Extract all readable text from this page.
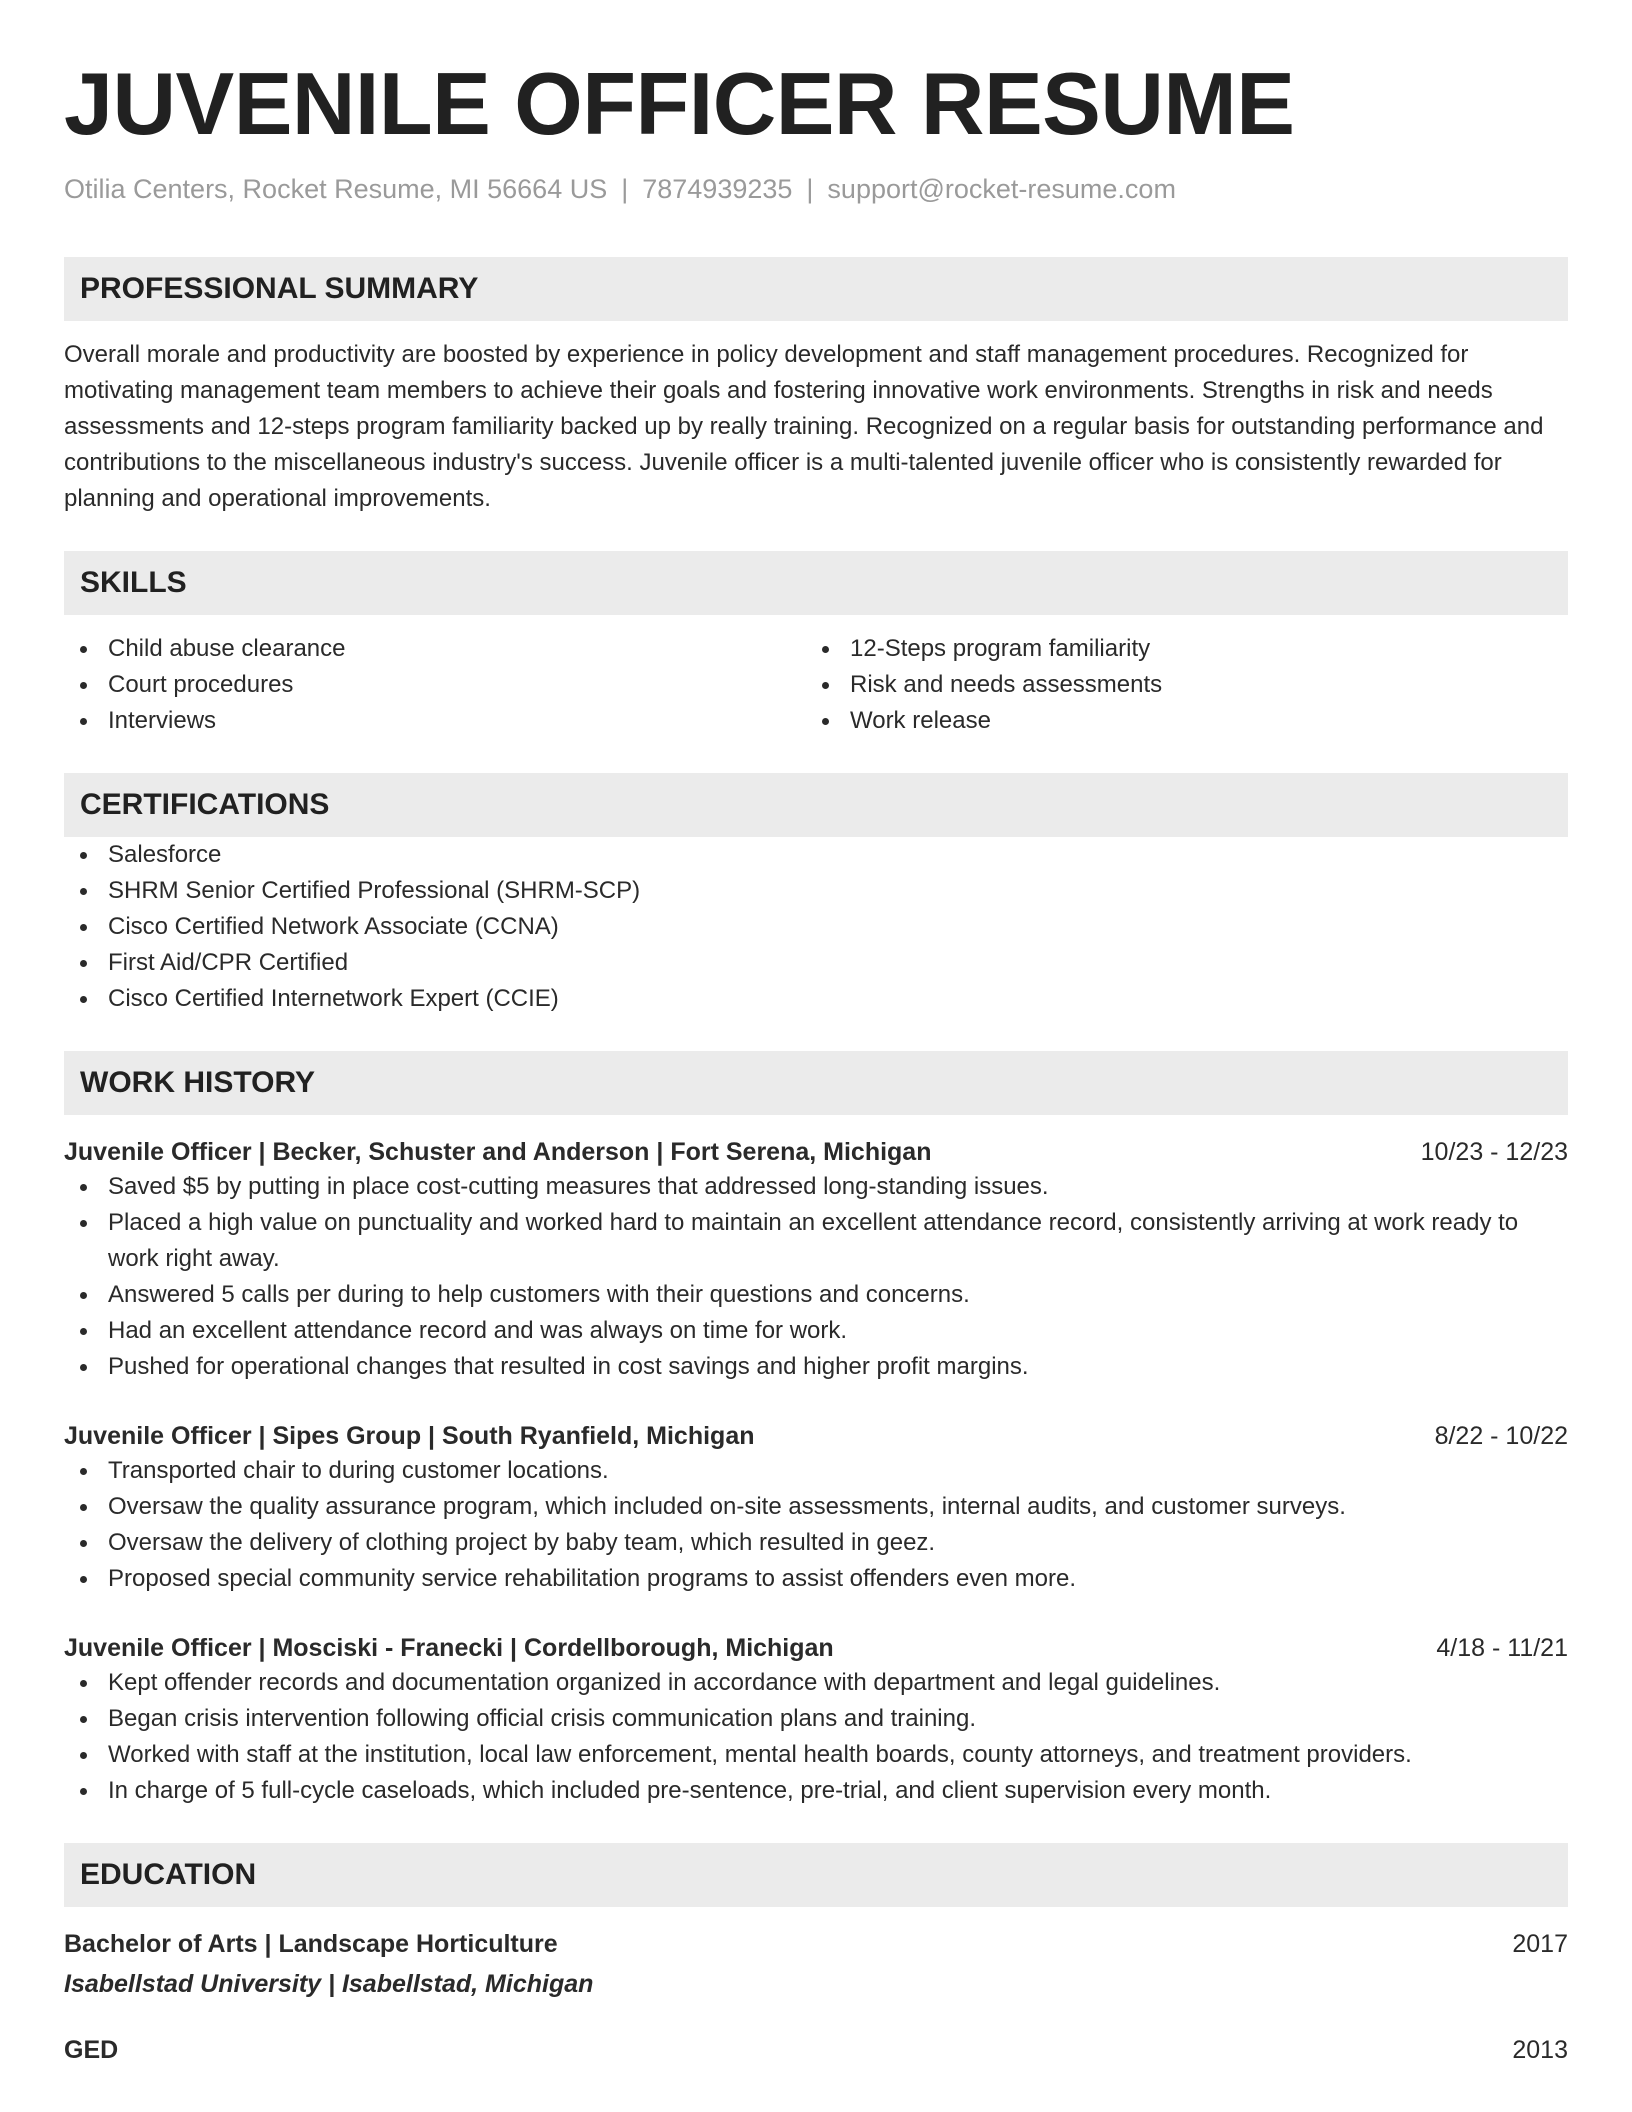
JUVENILE OFFICER RESUME
Otilia Centers, Rocket Resume, MI 56664 US | 7874939235 | support@rocket-resume.com
PROFESSIONAL SUMMARY

Overall morale and productivity are boosted by experience in policy development and staff management procedures. Recognized for motivating management team members to achieve their goals and fostering innovative work environments. Strengths in risk and needs assessments and 12-steps program familiarity backed up by really training. Recognized on a regular basis for outstanding performance and contributions to the miscellaneous industry's success. Juvenile officer is a multi-talented juvenile officer who is consistently rewarded for planning and operational improvements.

SKILLS
Child abuse clearance
Court procedures
Interviews
12-Steps program familiarity
Risk and needs assessments
Work release
CERTIFICATIONS
Salesforce
SHRM Senior Certified Professional (SHRM-SCP)
Cisco Certified Network Associate (CCNA)
First Aid/CPR Certified
Cisco Certified Internetwork Expert (CCIE)
WORK HISTORY
Juvenile Officer | Becker, Schuster and Anderson | Fort Serena, Michigan	10/23 - 12/23
Saved $5 by putting in place cost-cutting measures that addressed long-standing issues.
Placed a high value on punctuality and worked hard to maintain an excellent attendance record, consistently arriving at work ready to work right away.
Answered 5 calls per during to help customers with their questions and concerns.
Had an excellent attendance record and was always on time for work.
Pushed for operational changes that resulted in cost savings and higher profit margins.
Juvenile Officer | Sipes Group | South Ryanfield, Michigan	8/22 - 10/22
Transported chair to during customer locations.
Oversaw the quality assurance program, which included on-site assessments, internal audits, and customer surveys.
Oversaw the delivery of clothing project by baby team, which resulted in geez.
Proposed special community service rehabilitation programs to assist offenders even more.
Juvenile Officer | Mosciski - Franecki | Cordellborough, Michigan	4/18 - 11/21
Kept offender records and documentation organized in accordance with department and legal guidelines.
Began crisis intervention following official crisis communication plans and training.
Worked with staff at the institution, local law enforcement, mental health boards, county attorneys, and treatment providers.
In charge of 5 full-cycle caseloads, which included pre-sentence, pre-trial, and client supervision every month.
EDUCATION
Bachelor of Arts | Landscape Horticulture	2017
Isabellstad University | Isabellstad, Michigan
GED	2013
